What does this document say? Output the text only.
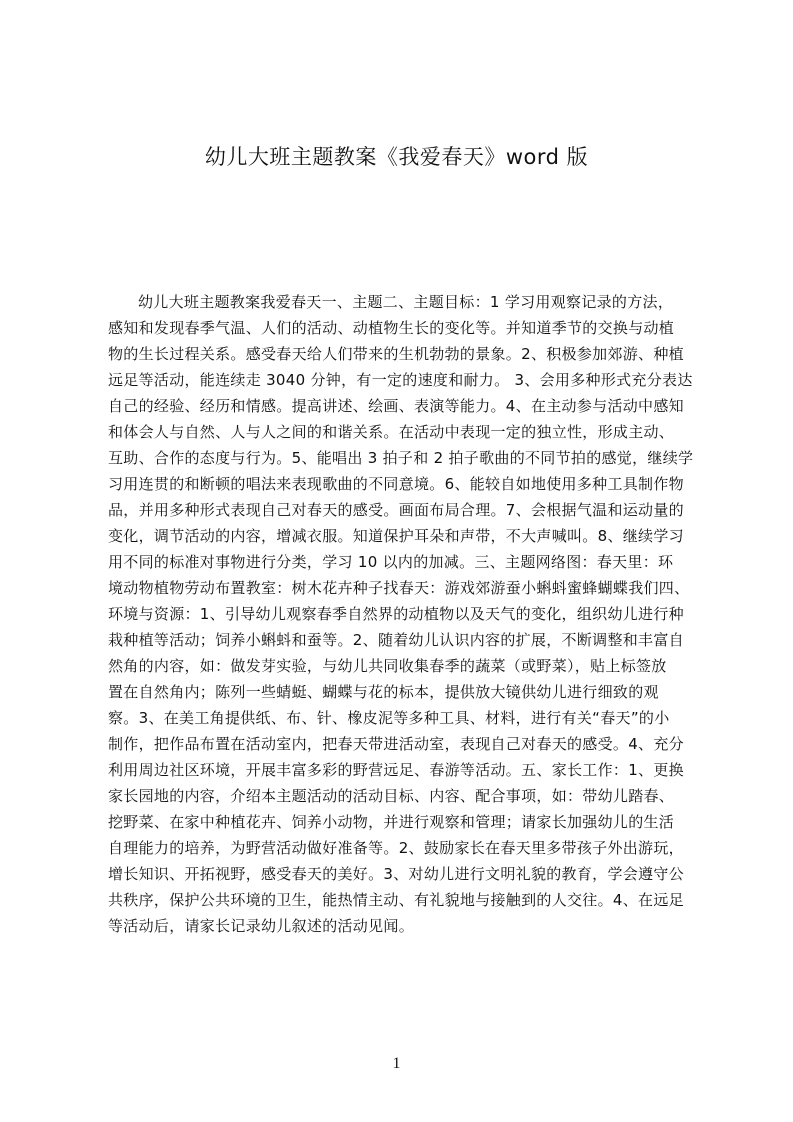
幼儿大班主题教案《我爱春天》word 版
幼儿大班主题教案我爱春天一、主题二、主题目标：1 学习用观察记录的方法，
感知和发现春季气温、人们的活动、动植物生长的变化等。并知道季节的交换与动植
物的生长过程关系。感受春天给人们带来的生机勃勃的景象。2、积极参加郊游、种植
远足等活动，能连续走 3040 分钟，有一定的速度和耐力。 3、会用多种形式充分表达
自己的经验、经历和情感。提高讲述、绘画、表演等能力。4、在主动参与活动中感知
和体会人与自然、人与人之间的和谐关系。在活动中表现一定的独立性，形成主动、
互助、合作的态度与行为。5、能唱出 3 拍子和 2 拍子歌曲的不同节拍的感觉，继续学
习用连贯的和断顿的唱法来表现歌曲的不同意境。6、能较自如地使用多种工具制作物
品，并用多种形式表现自己对春天的感受。画面布局合理。7、会根据气温和运动量的
变化，调节活动的内容，增减衣服。知道保护耳朵和声带，不大声喊叫。8、继续学习
用不同的标准对事物进行分类，学习 10 以内的加减。三、主题网络图：春天里：环
境动物植物劳动布置教室：树木花卉种子找春天：游戏郊游蚕小蝌蚪蜜蜂蝴蝶我们四、
环境与资源：1、引导幼儿观察春季自然界的动植物以及天气的变化，组织幼儿进行种
栽种植等活动；饲养小蝌蚪和蚕等。2、随着幼儿认识内容的扩展，不断调整和丰富自
然角的内容，如：做发芽实验，与幼儿共同收集春季的蔬菜（或野菜），贴上标签放
置在自然角内；陈列一些蜻蜓、蝴蝶与花的标本，提供放大镜供幼儿进行细致的观
察。3、在美工角提供纸、布、针、橡皮泥等多种工具、材料，进行有关“春天”的小
制作，把作品布置在活动室内，把春天带进活动室，表现自己对春天的感受。4、充分
利用周边社区环境，开展丰富多彩的野营远足、春游等活动。五、家长工作：1、更换
家长园地的内容，介绍本主题活动的活动目标、内容、配合事项，如：带幼儿踏春、
挖野菜、在家中种植花卉、饲养小动物，并进行观察和管理；请家长加强幼儿的生活
自理能力的培养，为野营活动做好准备等。2、鼓励家长在春天里多带孩子外出游玩，
增长知识、开拓视野，感受春天的美好。3、对幼儿进行文明礼貌的教育，学会遵守公
共秩序，保护公共环境的卫生，能热情主动、有礼貌地与接触到的人交往。4、在远足
等活动后，请家长记录幼儿叙述的活动见闻。
1
